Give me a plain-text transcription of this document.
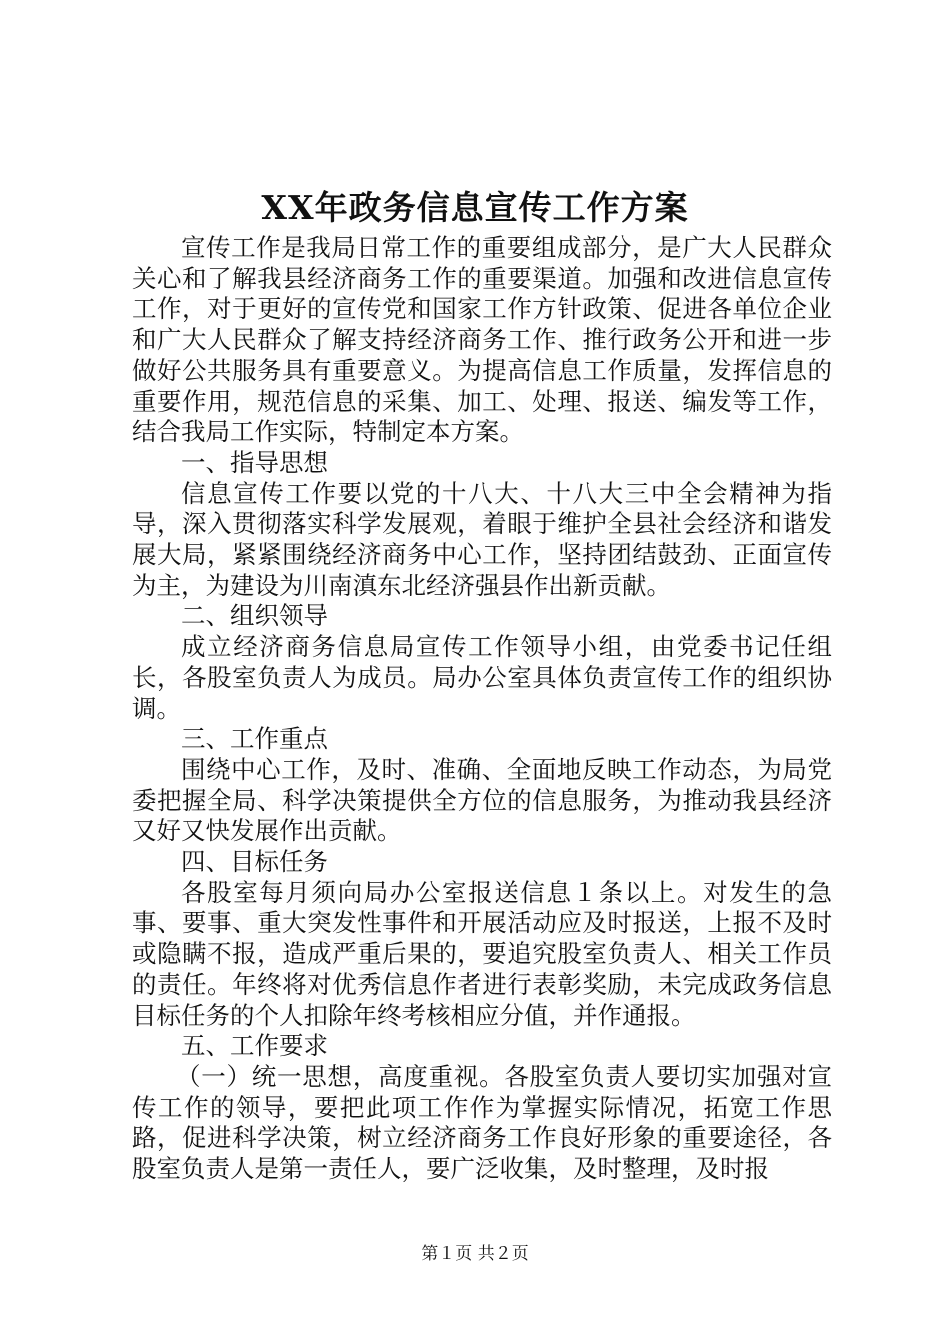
XX年政务信息宣传工作方案

宣传工作是我局日常工作的重要组成部分，是广大人民群众关心和了解我县经济商务工作的重要渠道。加强和改进信息宣传工作，对于更好的宣传党和国家工作方针政策、促进各单位企业和广大人民群众了解支持经济商务工作、推行政务公开和进一步做好公共服务具有重要意义。为提高信息工作质量，发挥信息的重要作用，规范信息的采集、加工、处理、报送、编发等工作，结合我局工作实际，特制定本方案。

一、指导思想

信息宣传工作要以党的十八大、十八大三中全会精神为指导，深入贯彻落实科学发展观，着眼于维护全县社会经济和谐发展大局，紧紧围绕经济商务中心工作，坚持团结鼓劲、正面宣传为主，为建设为川南滇东北经济强县作出新贡献。

二、组织领导

成立经济商务信息局宣传工作领导小组，由党委书记任组长，各股室负责人为成员。局办公室具体负责宣传工作的组织协调。

三、工作重点

围绕中心工作，及时、准确、全面地反映工作动态，为局党委把握全局、科学决策提供全方位的信息服务，为推动我县经济又好又快发展作出贡献。

四、目标任务

各股室每月须向局办公室报送信息１条以上。对发生的急事、要事、重大突发性事件和开展活动应及时报送，上报不及时或隐瞒不报，造成严重后果的，要追究股室负责人、相关工作员的责任。年终将对优秀信息作者进行表彰奖励，未完成政务信息目标任务的个人扣除年终考核相应分值，并作通报。

五、工作要求

（一）统一思想，高度重视。各股室负责人要切实加强对宣传工作的领导，要把此项工作作为掌握实际情况，拓宽工作思路，促进科学决策，树立经济商务工作良好形象的重要途径，各股室负责人是第一责任人，要广泛收集，及时整理，及时报

第１页 共２页
